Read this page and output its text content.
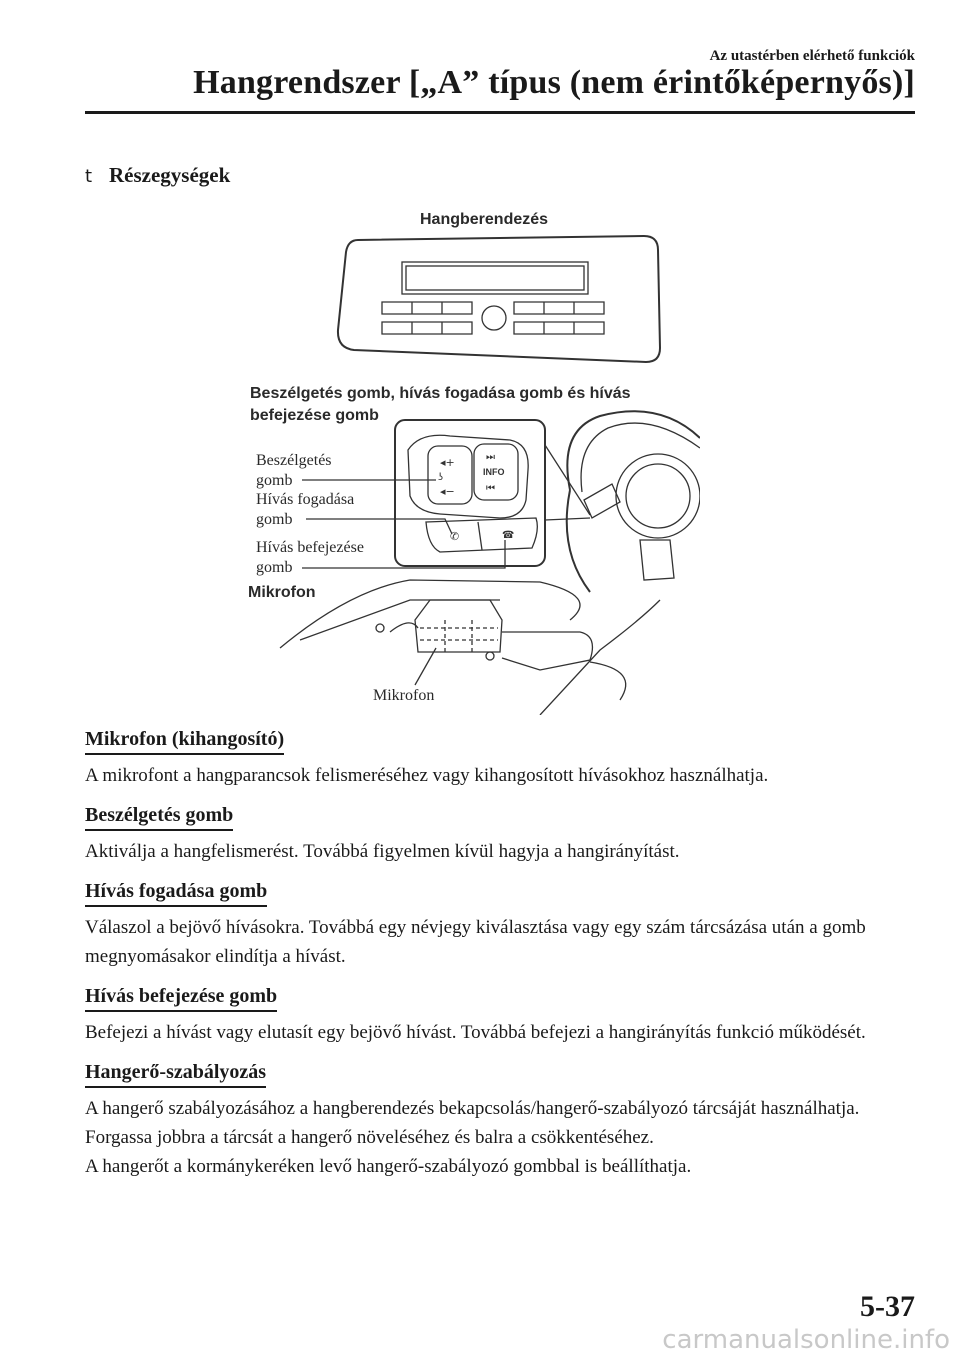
Az utastérben elérhető funkciók
Hangrendszer [„A” típus (nem érintőképernyős)]
t Részegységek
Hangberendezés
Beszélgetés gomb, hívás fogadása gomb és hívás
befejezése gomb
◂+
◂−
ʖ
⏭
INFO
⏮
✆	☎
Beszélgetés
gomb
Hívás fogadása
gomb
Hívás befejezése
gomb
Mikrofon
Mikrofon
Mikrofon (kihangosító)

A mikrofont a hangparancsok felismeréséhez vagy kihangosított hívásokhoz használhatja.

Beszélgetés gomb

Aktiválja a hangfelismerést. Továbbá figyelmen kívül hagyja a hangirányítást.

Hívás fogadása gomb

Válaszol a bejövő hívásokra. Továbbá egy névjegy kiválasztása vagy egy szám tárcsázása után a gomb megnyomásakor elindítja a hívást.

Hívás befejezése gomb

Befejezi a hívást vagy elutasít egy bejövő hívást. Továbbá befejezi a hangirányítás funkció működését.

Hangerő-szabályozás

A hangerő szabályozásához a hangberendezés bekapcsolás/hangerő-szabályozó tárcsáját használhatja. Forgassa jobbra a tárcsát a hangerő növeléséhez és balra a csökkentéséhez.
A hangerőt a kormánykeréken levő hangerő-szabályozó gombbal is beállíthatja.

5-37
carmanualsonline.info
